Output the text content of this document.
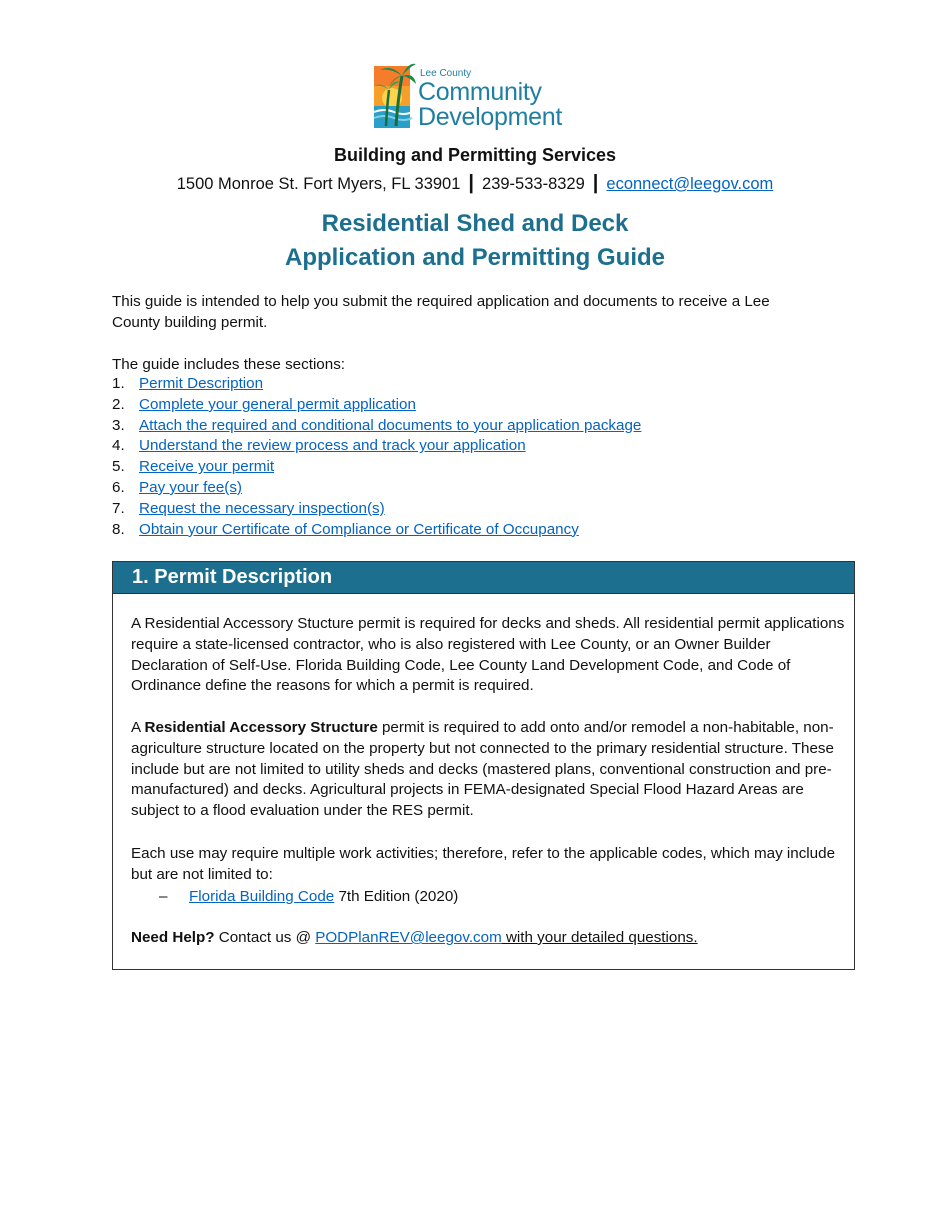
Lee County
Community
Development
Building and Permitting Services
1500 Monroe St. Fort Myers, FL 33901 | 239-533-8329 | econnect@leegov.com
Residential Shed and Deck
Application and Permitting Guide
This guide is intended to help you submit the required application and documents to receive a Lee County building permit.
The guide includes these sections:
1. Permit Description
2. Complete your general permit application
3. Attach the required and conditional documents to your application package
4. Understand the review process and track your application
5. Receive your permit
6. Pay your fee(s)
7. Request the necessary inspection(s)
8. Obtain your Certificate of Compliance or Certificate of Occupancy
1. Permit Description
A Residential Accessory Stucture permit is required for decks and sheds. All residential permit applications require a state-licensed contractor, who is also registered with Lee County, or an Owner Builder Declaration of Self-Use. Florida Building Code, Lee County Land Development Code, and Code of Ordinance define the reasons for which a permit is required.
A Residential Accessory Structure permit is required to add onto and/or remodel a non-habitable, non-agriculture structure located on the property but not connected to the primary residential structure. These include but are not limited to utility sheds and decks (mastered plans, conventional construction and pre-manufactured) and decks. Agricultural projects in FEMA-designated Special Flood Hazard Areas are subject to a flood evaluation under the RES permit.
Each use may require multiple work activities; therefore, refer to the applicable codes, which may include but are not limited to:
– Florida Building Code 7th Edition (2020)
Need Help? Contact us @ PODPlanREV@leegov.com with your detailed questions.
